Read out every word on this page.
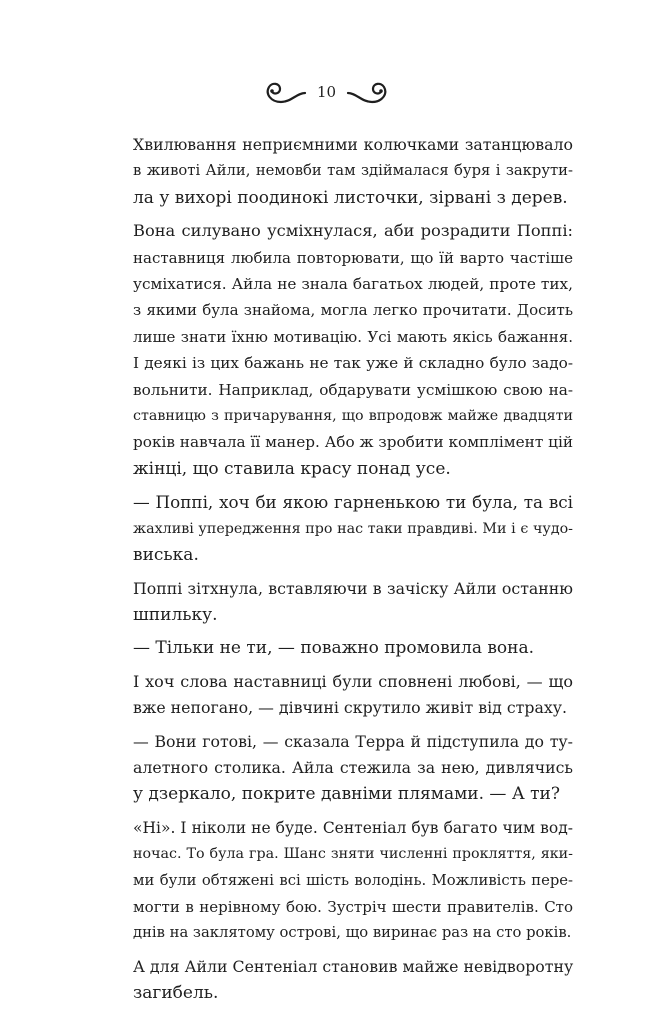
10

Хвилювання неприємними колючками затанцювало
в животі Айли, немовби там здіймалася буря і закрути-
ла у вихорі поодинокі листочки, зірвані з дерев.

Вона силувано усміхнулася, аби розрадити Поппі:
наставниця любила повторювати, що їй варто частіше
усміхатися. Айла не знала багатьох людей, проте тих,
з якими була знайома, могла легко прочитати. Досить
лише знати їхню мотивацію. Усі мають якісь бажання.
І деякі із цих бажань не так уже й складно було задо-
вольнити. Наприклад, обдарувати усмішкою свою на-
ставницю з причарування, що впродовж майже двадцяти
років навчала її манер. Або ж зробити комплімент цій
жінці, що ставила красу понад усе.

— Поппі, хоч би якою гарненькою ти була, та всі
жахливі упередження про нас таки правдиві. Ми і є чудо-
виська.

Поппі зітхнула, вставляючи в зачіску Айли останню
шпильку.

— Тільки не ти, — поважно промовила вона.

І хоч слова наставниці були сповнені любові, — що
вже непогано, — дівчині скрутило живіт від страху.

— Вони готові, — сказала Терра й підступила до ту-
алетного столика. Айла стежила за нею, дивлячись
у дзеркало, покрите давніми плямами. — А ти?

«Ні». І ніколи не буде. Сентеніал був багато чим вод-
ночас. То була гра. Шанс зняти численні прокляття, яки-
ми були обтяжені всі шість володінь. Можливість пере-
могти в нерівному бою. Зустріч шести правителів. Сто
днів на заклятому острові, що виринає раз на сто років.

А для Айли Сентеніал становив майже невідворотну
загибель.
